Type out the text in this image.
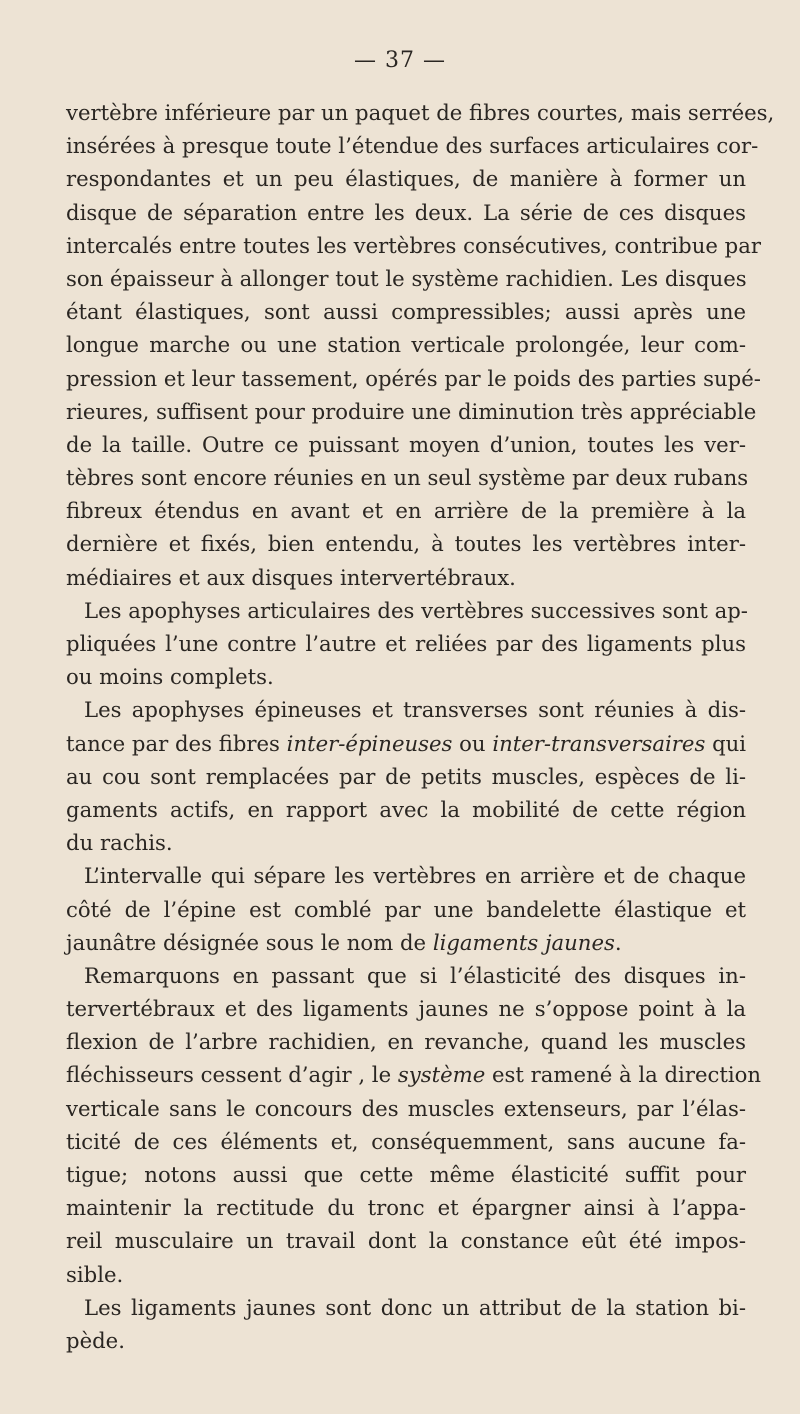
— 37 —
vertèbre inférieure par un paquet de fibres courtes, mais serrées,
insérées à presque toute l’étendue des surfaces articulaires cor-
respondantes et un peu élastiques, de manière à former un
disque de séparation entre les deux. La série de ces disques
intercalés entre toutes les vertèbres consécutives, contribue par
son épaisseur à allonger tout le système rachidien. Les disques
étant élastiques, sont aussi compressibles; aussi après une
longue marche ou une station verticale prolongée, leur com-
pression et leur tassement, opérés par le poids des parties supé-
rieures, suffisent pour produire une diminution très appréciable
de la taille. Outre ce puissant moyen d’union, toutes les ver-
tèbres sont encore réunies en un seul système par deux rubans
fibreux étendus en avant et en arrière de la première à la
dernière et fixés, bien entendu, à toutes les vertèbres inter-
médiaires et aux disques intervertébraux.
Les apophyses articulaires des vertèbres successives sont ap-
pliquées l’une contre l’autre et reliées par des ligaments plus
ou moins complets.
Les apophyses épineuses et transverses sont réunies à dis-
tance par des fibres inter-épineuses ou inter-transversaires qui
au cou sont remplacées par de petits muscles, espèces de li-
gaments actifs, en rapport avec la mobilité de cette région
du rachis.
L’intervalle qui sépare les vertèbres en arrière et de chaque
côté de l’épine est comblé par une bandelette élastique et
jaunâtre désignée sous le nom de ligaments jaunes.
Remarquons en passant que si l’élasticité des disques in-
tervertébraux et des ligaments jaunes ne s’oppose point à la
flexion de l’arbre rachidien, en revanche, quand les muscles
fléchisseurs cessent d’agir , le système est ramené à la direction
verticale sans le concours des muscles extenseurs, par l’élas-
ticité de ces éléments et, conséquemment, sans aucune fa-
tigue; notons aussi que cette même élasticité suffit pour
maintenir la rectitude du tronc et épargner ainsi à l’appa-
reil musculaire un travail dont la constance eût été impos-
sible.
Les ligaments jaunes sont donc un attribut de la station bi-
pède.
